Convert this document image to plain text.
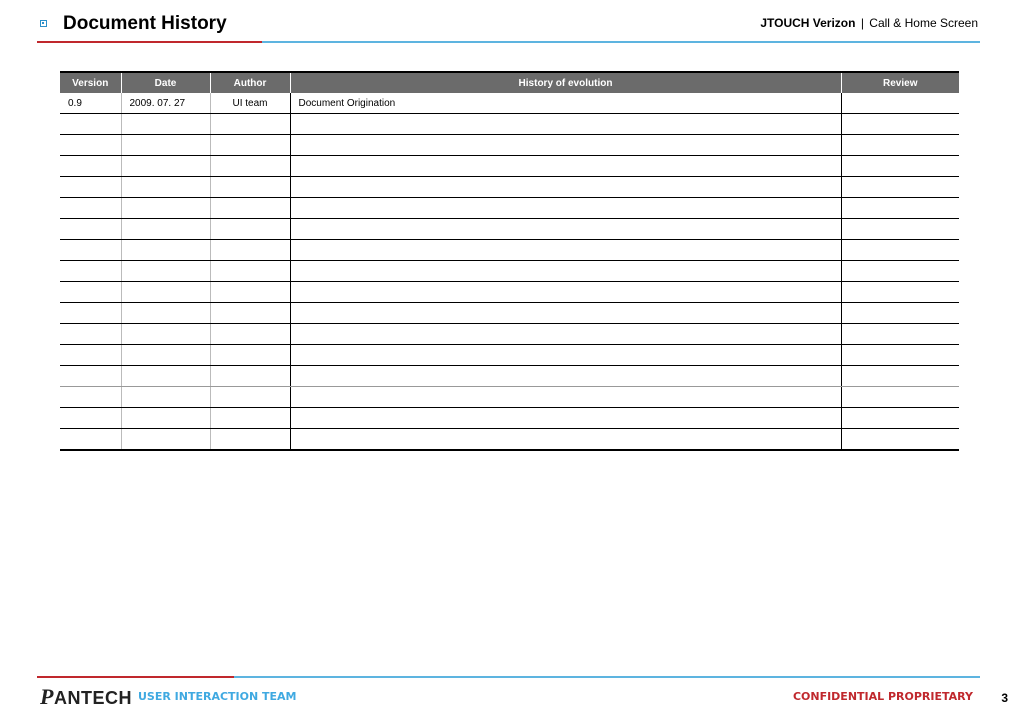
Document History	JTOUCH Verizon | Call & Home Screen
Version	Date	Author	History of evolution	Review
0.9	2009. 07. 27	UI team	Document Origination	

PANTECH USER INTERACTION TEAM	CONFIDENTIAL PROPRIETARY 3
